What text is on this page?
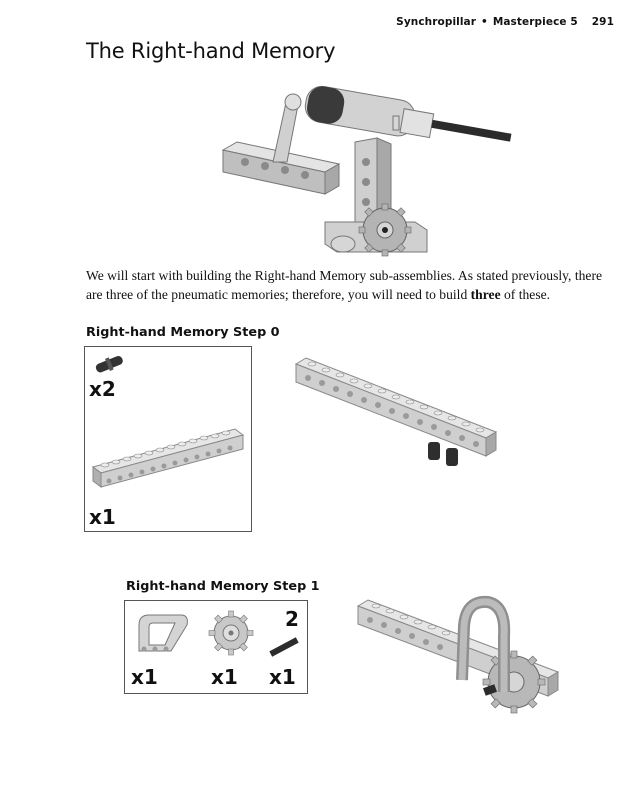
Synchropillar • Masterpiece 5 291
The Right-hand Memory

We will start with building the Right-hand Memory sub-assemblies. As stated previously, there are three of the pneumatic memories; therefore, you will need to build three of these.

Right-hand Memory Step 0
x2
x1
Right-hand Memory Step 1
x1	x1
2
x1
